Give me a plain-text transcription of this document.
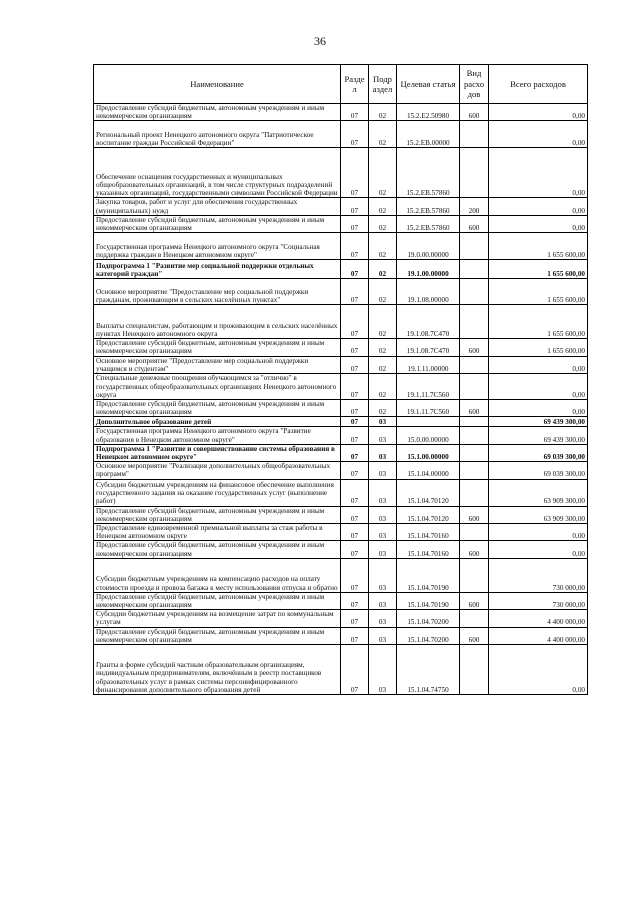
36
Наименование	Разде л	Подр аздел	Целевая статья	Вид расхо дов	Всего расходов
Предоставление субсидий бюджетным, автономным учреждениям и иным некоммерческим организациям	07	02	15.2.E2.50980	600	0,00
Региональный проект Ненецкого автономного округа "Патриотическое воспитание граждан Российской Федерации"	07	02	15.2.EB.00000		0,00
Обеспечение оснащения государственных и муниципальных общеобразовательных организаций, в том числе структурных подразделений указанных организаций, государственными символами Российской Федерации	07	02	15.2.EB.57860		0,00
Закупка товаров, работ и услуг для обеспечения государственных (муниципальных) нужд	07	02	15.2.EB.57860	200	0,00
Предоставление субсидий бюджетным, автономным учреждениям и иным некоммерческим организациям	07	02	15.2.EB.57860	600	0,00
Государственная программа Ненецкого автономного округа "Социальная поддержка граждан в Ненецком автономном округе"	07	02	19.0.00.00000		1 655 600,00
Подпрограмма 1 "Развитие мер социальной поддержки отдельных категорий граждан"	07	02	19.1.00.00000		1 655 600,00
Основное мероприятие "Предоставление мер социальной поддержки гражданам, проживающим в сельских населённых пунктах"	07	02	19.1.08.00000		1 655 600,00
Выплаты специалистам, работающим и проживающим в сельских населённых пунктах Ненецкого автономного округа	07	02	19.1.08.7C470		1 655 600,00
Предоставление субсидий бюджетным, автономным учреждениям и иным некоммерческим организациям	07	02	19.1.08.7C470	600	1 655 600,00
Основное мероприятие "Предоставление мер социальной поддержки учащимся и студентам"	07	02	19.1.11.00000		0,00
Специальные денежные поощрения обучающимся за "отлично" в государственных общеобразовательных организациях Ненецкого автономного округа	07	02	19.1.11.7C560		0,00
Предоставление субсидий бюджетным, автономным учреждениям и иным некоммерческим организациям	07	02	19.1.11.7C560	600	0,00
Дополнительное образование детей	07	03			69 439 300,00
Государственная программа Ненецкого автономного округа "Развитие образования в Ненецком автономном округе"	07	03	15.0.00.00000		69 439 300,00
Подпрограмма 1 "Развитие и совершенствование системы образования в Ненецком автономном округе"	07	03	15.1.00.00000		69 039 300,00
Основное мероприятие "Реализация дополнительных общеобразовательных программ"	07	03	15.1.04.00000		69 039 300,00
Субсидии бюджетным учреждениям на финансовое обеспечение выполнения государственного задания на оказание государственных услуг (выполнение работ)	07	03	15.1.04.70120		63 909 300,00
Предоставление субсидий бюджетным, автономным учреждениям и иным некоммерческим организациям	07	03	15.1.04.70120	600	63 909 300,00
Предоставление единовременной премиальной выплаты за стаж работы в Ненецком автономном округе	07	03	15.1.04.70160		0,00
Предоставление субсидий бюджетным, автономным учреждениям и иным некоммерческим организациям	07	03	15.1.04.70160	600	0,00
Субсидии бюджетным учреждениям на компенсацию расходов на оплату стоимости проезда и провоза багажа к месту использования отпуска и обратно	07	03	15.1.04.70190		730 000,00
Предоставление субсидий бюджетным, автономным учреждениям и иным некоммерческим организациям	07	03	15.1.04.70190	600	730 000,00
Субсидии бюджетным учреждениям на возмещение затрат по коммунальным услугам	07	03	15.1.04.70200		4 400 000,00
Предоставление субсидий бюджетным, автономным учреждениям и иным некоммерческим организациям	07	03	15.1.04.70200	600	4 400 000,00
Гранты в форме субсидий частным образовательным организациям, индивидуальным предпринимателям, включённым в реестр поставщиков образовательных услуг в рамках системы персонифицированного финансирования дополнительного образования детей	07	03	15.1.04.74750		0,00
